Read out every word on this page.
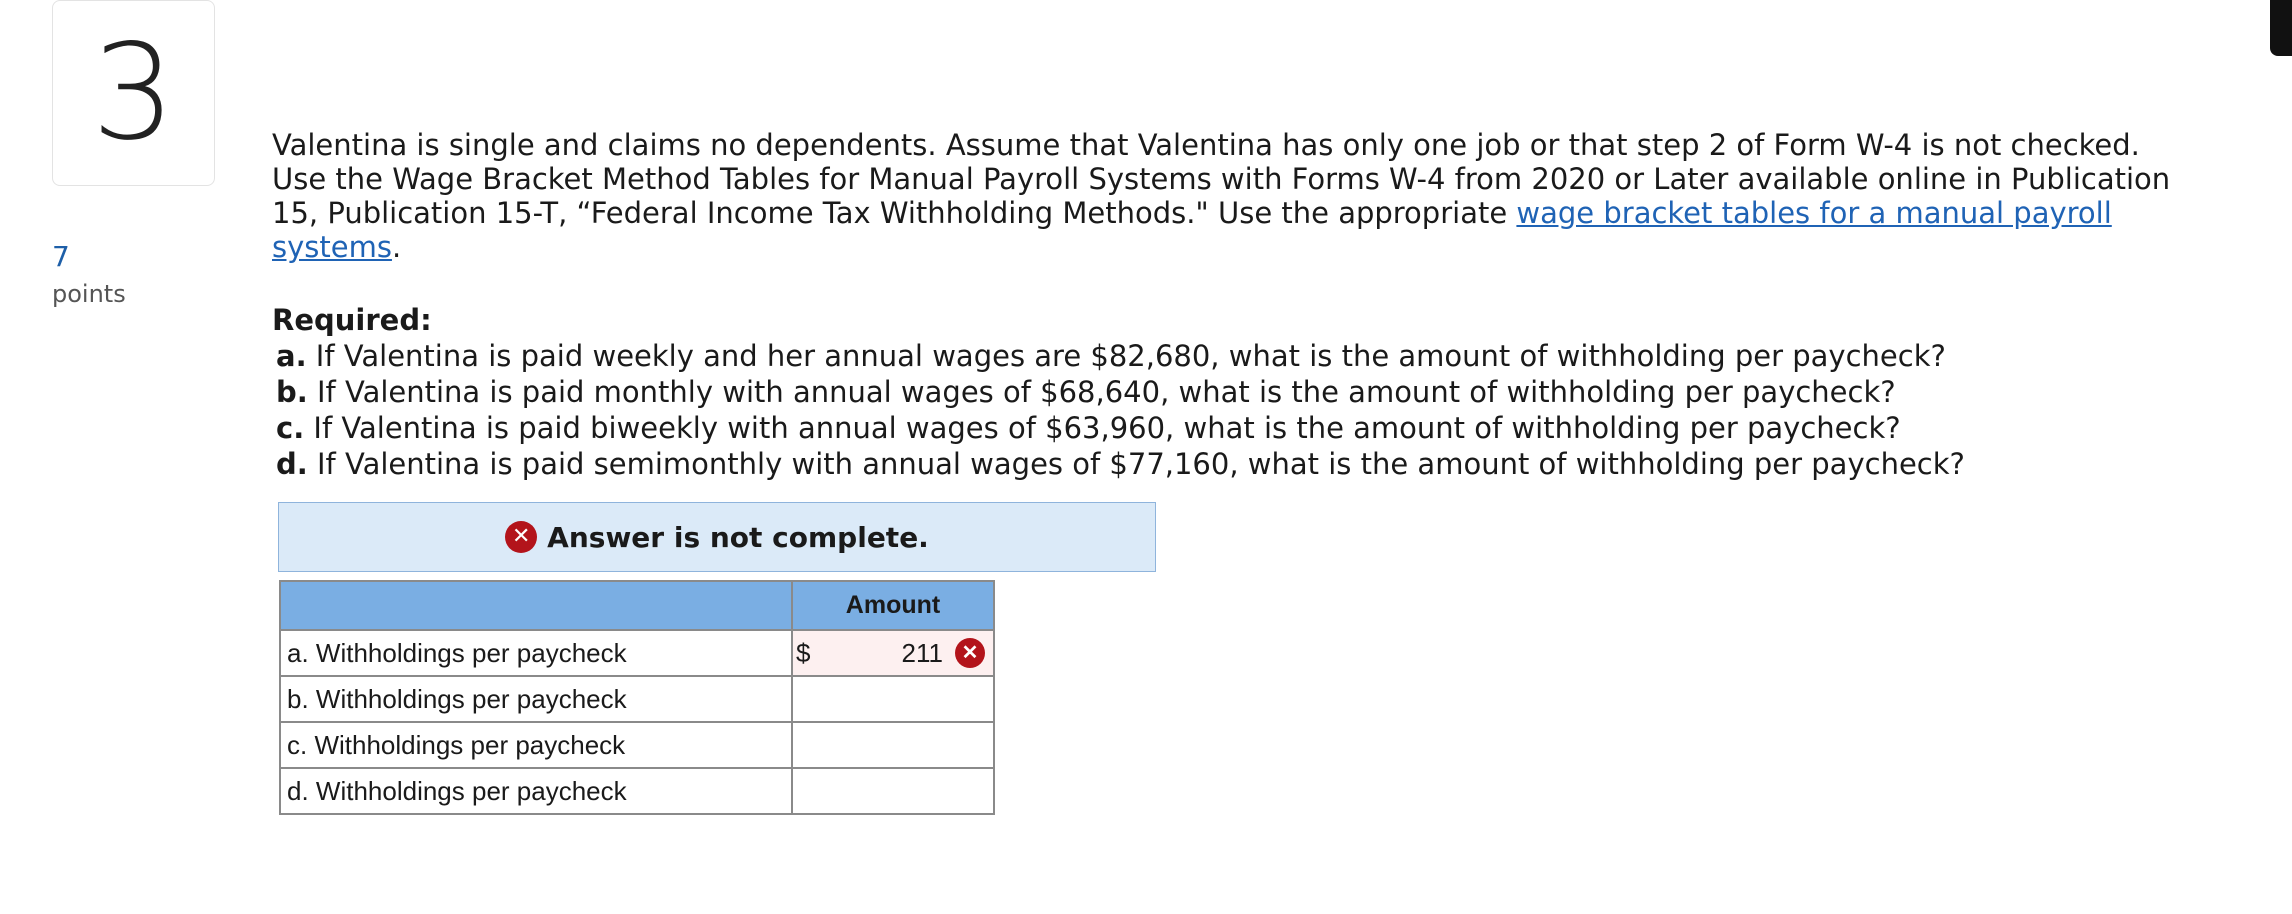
3
7
points

Valentina is single and claims no dependents. Assume that Valentina has only one job or that step 2 of Form W-4 is not checked. Use the Wage Bracket Method Tables for Manual Payroll Systems with Forms W-4 from 2020 or Later available online in Publication 15, Publication 15-T, “Federal Income Tax Withholding Methods." Use the appropriate wage bracket tables for a manual payroll systems.

Required:
a. If Valentina is paid weekly and her annual wages are $82,680, what is the amount of withholding per paycheck?
b. If Valentina is paid monthly with annual wages of $68,640, what is the amount of withholding per paycheck?
c. If Valentina is paid biweekly with annual wages of $63,960, what is the amount of withholding per paycheck?
d. If Valentina is paid semimonthly with annual wages of $77,160, what is the amount of withholding per paycheck?
✕ Answer is not complete.
	Amount
a. Withholdings per paycheck	$ 211 ✕

b. Withholdings per paycheck	
c. Withholdings per paycheck	
d. Withholdings per paycheck	
